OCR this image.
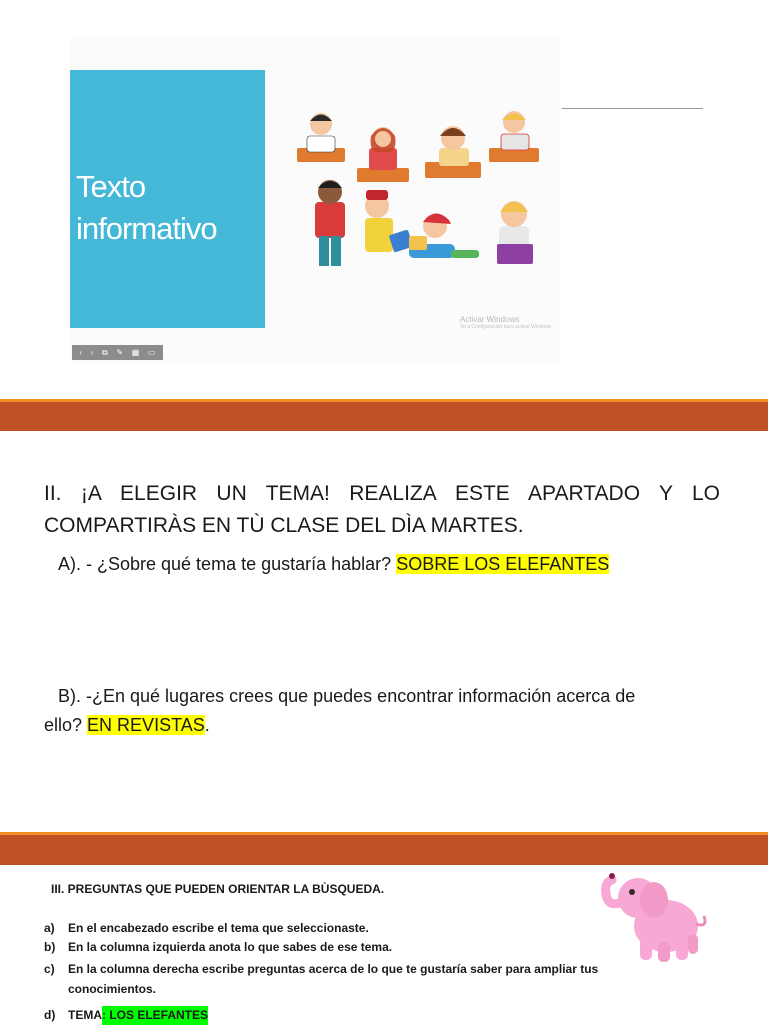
Texto
informativo
Activar Windows
Ve a Configuración para activar Windows
‹ › ⧉ ✎ ▦ ▭
II. ¡A ELEGIR UN TEMA! REALIZA ESTE APARTADO Y LO
COMPARTIRÀS EN TÙ CLASE DEL DÌA MARTES.
A). - ¿Sobre qué tema te gustaría hablar? SOBRE LOS ELEFANTES
B). -¿En qué lugares crees que puedes encontrar información acerca de
ello? EN REVISTAS.
III. PREGUNTAS QUE PUEDEN ORIENTAR LA BÙSQUEDA.
a)	En el encabezado escribe el tema que seleccionaste.
b)	En la columna izquierda anota lo que sabes de ese tema.
c)	En la columna derecha escribe preguntas acerca de lo que te gustaría saber para ampliar tus
conocimientos.
d)	TEMA : LOS ELEFANTES
